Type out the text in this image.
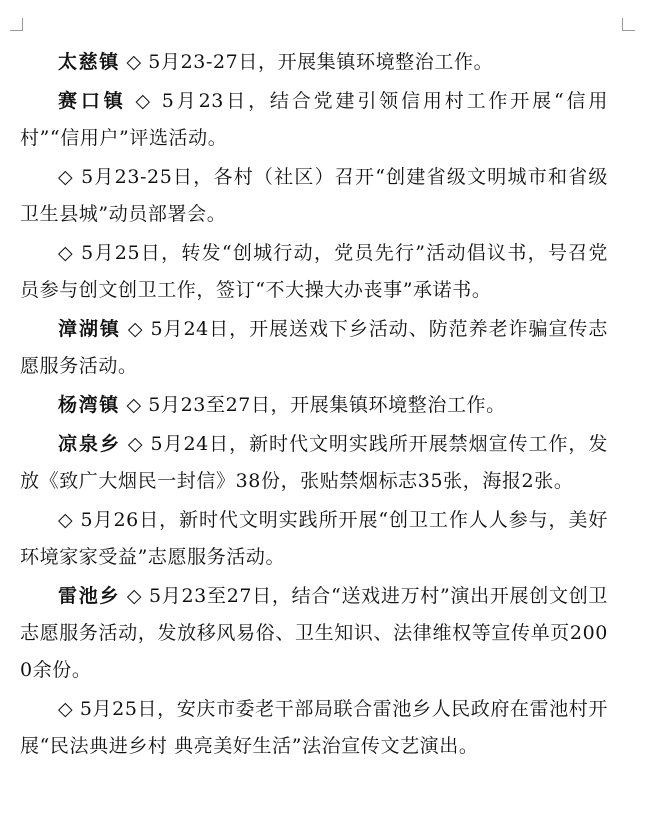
太慈镇 ◇ 5月23-27日，开展集镇环境整治工作。

赛口镇 ◇ 5月23日，结合党建引领信用村工作开展“信用村”“信用户”评选活动。

◇ 5月23-25日，各村（社区）召开“创建省级文明城市和省级卫生县城”动员部署会。

◇ 5月25日，转发“创城行动，党员先行”活动倡议书，号召党员参与创文创卫工作，签订“不大操大办丧事”承诺书。

漳湖镇 ◇ 5月24日，开展送戏下乡活动、防范养老诈骗宣传志愿服务活动。

杨湾镇 ◇ 5月23至27日，开展集镇环境整治工作。

凉泉乡 ◇ 5月24日，新时代文明实践所开展禁烟宣传工作，发放《致广大烟民一封信》38份，张贴禁烟标志35张，海报2张。

◇ 5月26日，新时代文明实践所开展“创卫工作人人参与，美好环境家家受益”志愿服务活动。

雷池乡 ◇ 5月23至27日，结合“送戏进万村”演出开展创文创卫志愿服务活动，发放移风易俗、卫生知识、法律维权等宣传单页2000余份。

◇ 5月25日，安庆市委老干部局联合雷池乡人民政府在雷池村开展“民法典进乡村 典亮美好生活”法治宣传文艺演出。
